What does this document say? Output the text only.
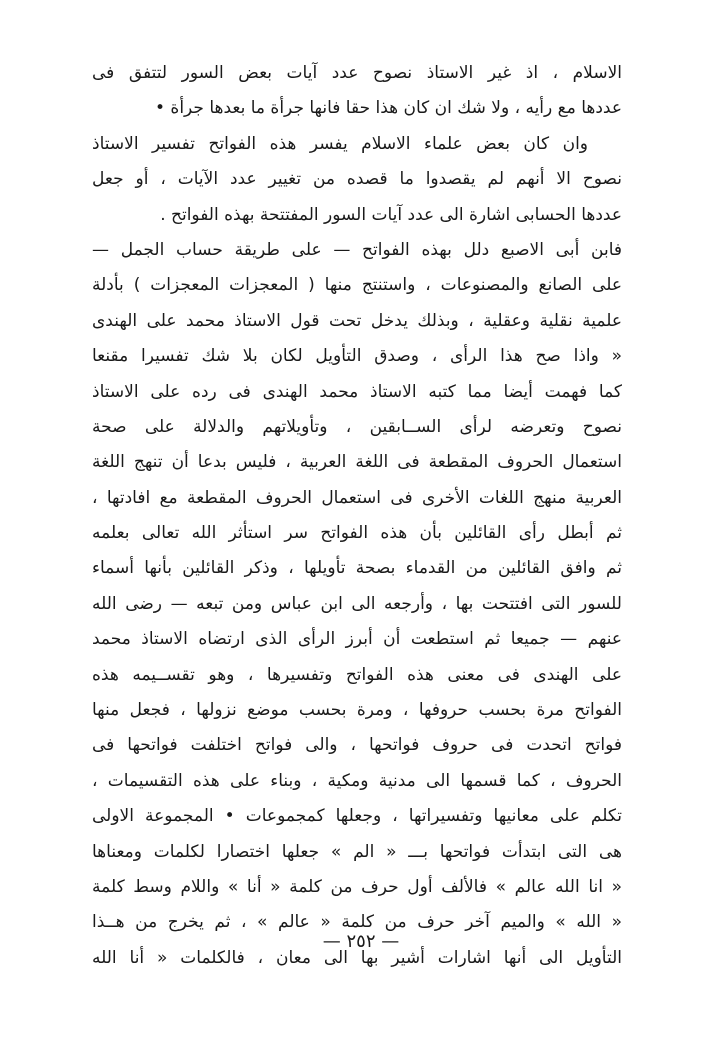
الاسلام ، اذ غير الاستاذ نصوح عدد آيات بعض السور لتتفق فى
عددها مع رأيه ، ولا شك ان كان هذا حقا فانها جرأة ما بعدها جرأة •
وان كان بعض علماء الاسلام يفسر هذه الفواتح تفسير الاستاذ
نصوح الا أنهم لم يقصدوا ما قصده من تغيير عدد الآيات ، أو جعل
عددها الحسابى اشارة الى عدد آيات السور المفتتحة بهذه الفواتح .
فابن أبى الاصبع دلل بهذه الفواتح — على طريقة حساب الجمل —
على الصانع والمصنوعات ، واستنتج منها ( المعجزات المعجزات ) بأدلة
علمية نقلية وعقلية ، وبذلك يدخل تحت قول الاستاذ محمد على الهندى
« واذا صح هذا الرأى ، وصدق التأويل لكان بلا شك تفسيرا مقنعا
كما فهمت أيضا مما كتبه الاستاذ محمد الهندى فى رده على الاستاذ
نصوح وتعرضه لرأى الســابقين ، وتأويلاتهم والدلالة على صحة
استعمال الحروف المقطعة فى اللغة العربية ، فليس بدعا أن تنهج اللغة
العربية منهج اللغات الأخرى فى استعمال الحروف المقطعة مع افادتها ،
ثم أبطل رأى القائلين بأن هذه الفواتح سر استأثر الله تعالى بعلمه
ثم وافق القائلين من القدماء بصحة تأويلها ، وذكر القائلين بأنها أسماء
للسور التى افتتحت بها ، وأرجعه الى ابن عباس ومن تبعه — رضى الله
عنهم — جميعا ثم استطعت أن أبرز الرأى الذى ارتضاه الاستاذ محمد
على الهندى فى معنى هذه الفواتح وتفسيرها ، وهو تقســيمه هذه
الفواتح مرة بحسب حروفها ، ومرة بحسب موضع نزولها ، فجعل منها
فواتح اتحدت فى حروف فواتحها ، والى فواتح اختلفت فواتحها فى
الحروف ، كما قسمها الى مدنية ومكية ، وبناء على هذه التقسيمات ،
تكلم على معانيها وتفسيراتها ، وجعلها كمجموعات • المجموعة الاولى
هى التى ابتدأت فواتحها بـــ « الم » جعلها اختصارا لكلمات ومعناها
« انا الله عالم » فالألف أول حرف من كلمة « أنا » واللام وسط كلمة
« الله » والميم آخر حرف من كلمة « عالم » ، ثم يخرج من هــذا
التأويل الى أنها اشارات أشير بها الى معان ، فالكلمات « أنا الله
— ٢٥٢ —
